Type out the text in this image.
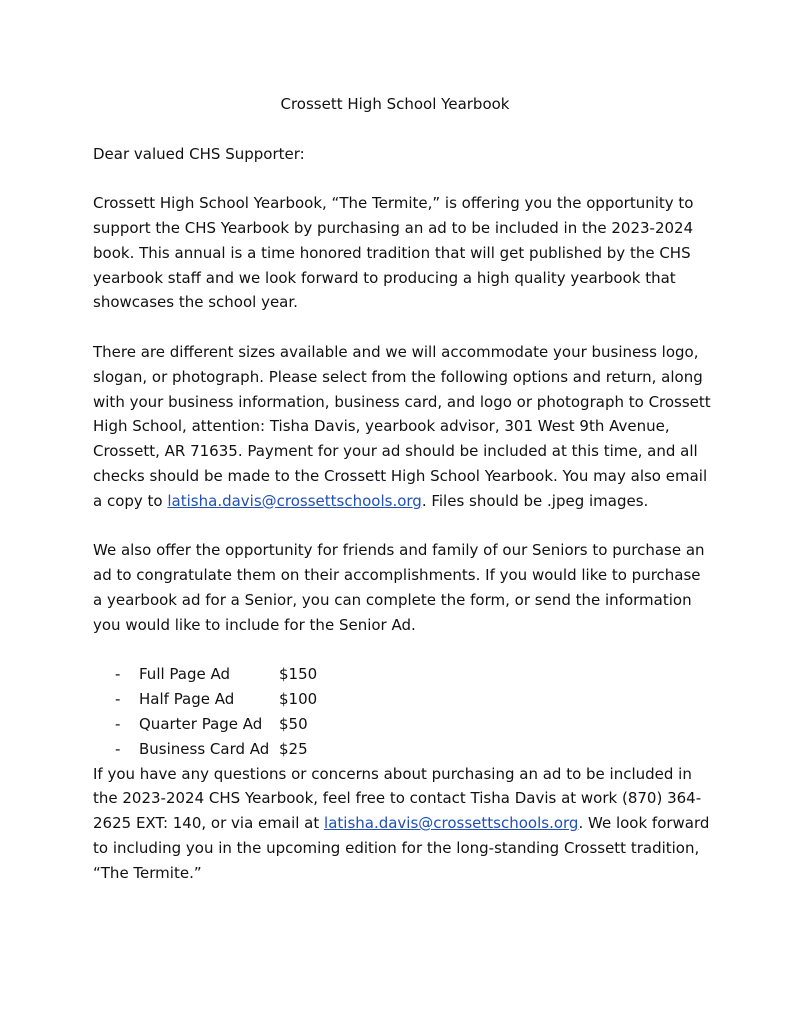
Crossett High School Yearbook

Dear valued CHS Supporter:

Crossett High School Yearbook, “The Termite,” is offering you the opportunity to support the CHS Yearbook by purchasing an ad to be included in the 2023-2024 book. This annual is a time honored tradition that will get published by the CHS yearbook staff and we look forward to producing a high quality yearbook that showcases the school year.

There are different sizes available and we will accommodate your business logo, slogan, or photograph. Please select from the following options and return, along with your business information, business card, and logo or photograph to Crossett High School, attention: Tisha Davis, yearbook advisor, 301 West 9th Avenue, Crossett, AR 71635. Payment for your ad should be included at this time, and all checks should be made to the Crossett High School Yearbook. You may also email a copy to latisha.davis@crossettschools.org. Files should be .jpeg images.

We also offer the opportunity for friends and family of our Seniors to purchase an ad to congratulate them on their accomplishments. If you would like to purchase a yearbook ad for a Senior, you can complete the form, or send the information you would like to include for the Senior Ad.

- Full Page Ad	$150
- Half Page Ad	$100
- Quarter Page Ad $50
- Business Card Ad $25

If you have any questions or concerns about purchasing an ad to be included in the 2023-2024 CHS Yearbook, feel free to contact Tisha Davis at work (870) 364-2625 EXT: 140, or via email at latisha.davis@crossettschools.org. We look forward to including you in the upcoming edition for the long-standing Crossett tradition, “The Termite.”
